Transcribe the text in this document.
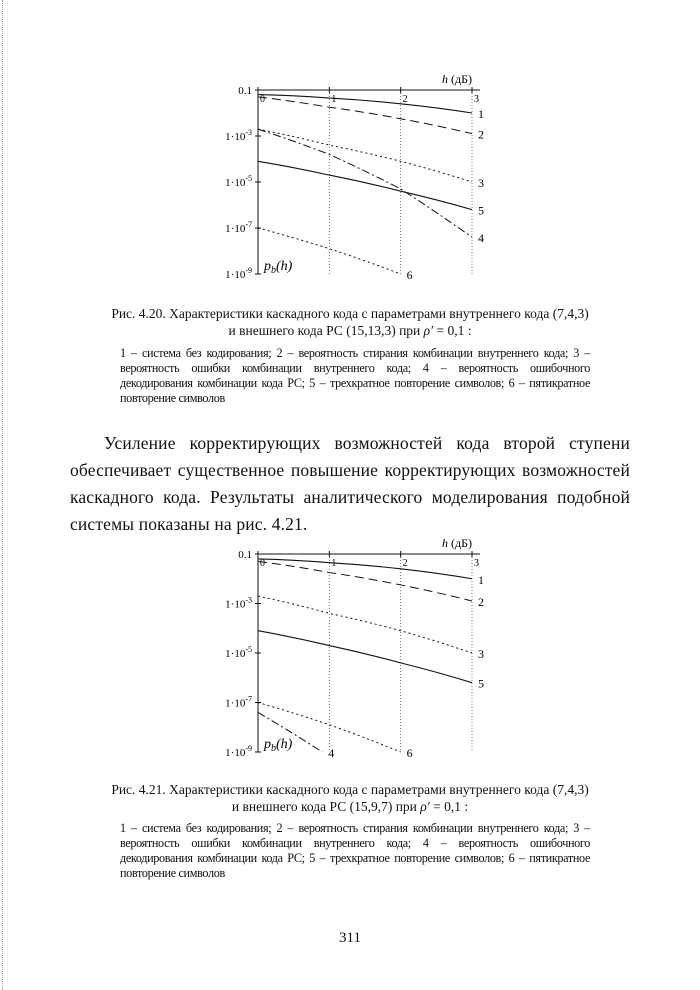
0	1	2	3
0.1
$1\cdot 10^{-3}$
$1\cdot 10^{-5}$
$1\cdot 10^{-7}$
$1\cdot 10^{-9}$
h (дБ)
$p_b(h)$
1
2
3
4
5
6
Рис. 4.20. Характеристики каскадного кода с параметрами внутреннего кода (7,4,3)
и внешнего кода РС (15,13,3) при ρ′ = 0,1 :
1 – система без кодирования; 2 – вероятность стирания комбинации внутреннего кода; 3 – вероятность ошибки комбинации внутреннего кода; 4 – вероятность ошибочного декодирования комбинации кода РС; 5 – трехкратное повторение символов; 6 – пятикратное повторение символов
Усиление корректирующих возможностей кода второй ступени обеспечивает существенное повышение корректирующих возможностей каскадного кода. Результаты аналитического моделирования подобной системы показаны на рис. 4.21.
0	1	2	3
0.1
$1\cdot 10^{-3}$
$1\cdot 10^{-5}$
$1\cdot 10^{-7}$
$1\cdot 10^{-9}$
h (дБ)
$p_b(h)$
1
2
3
4
5
6
Рис. 4.21. Характеристики каскадного кода с параметрами внутреннего кода (7,4,3)
и внешнего кода РС (15,9,7) при ρ′ = 0,1 :
1 – система без кодирования; 2 – вероятность стирания комбинации внутреннего кода; 3 – вероятность ошибки комбинации внутреннего кода; 4 – вероятность ошибочного декодирования комбинации кода РС; 5 – трехкратное повторение символов; 6 – пятикратное повторение символов
311
